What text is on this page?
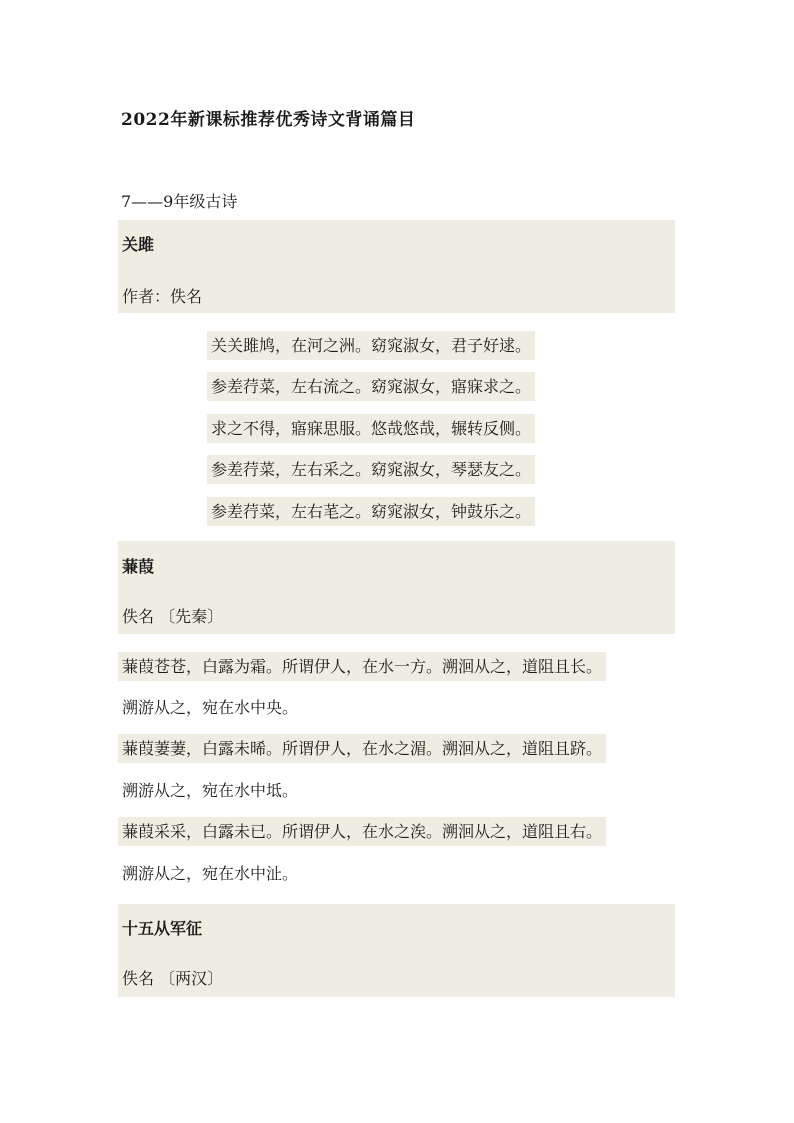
2022年新课标推荐优秀诗文背诵篇目
7——9年级古诗
关雎
作者：佚名
关关雎鸠，在河之洲。窈窕淑女，君子好逑。
参差荇菜，左右流之。窈窕淑女，寤寐求之。
求之不得，寤寐思服。悠哉悠哉，辗转反侧。
参差荇菜，左右采之。窈窕淑女，琴瑟友之。
参差荇菜，左右芼之。窈窕淑女，钟鼓乐之。
蒹葭
佚名 〔先秦〕
蒹葭苍苍，白露为霜。所谓伊人，在水一方。溯洄从之，道阻且长。
溯游从之，宛在水中央。
蒹葭萋萋，白露未晞。所谓伊人，在水之湄。溯洄从之，道阻且跻。
溯游从之，宛在水中坻。
蒹葭采采，白露未已。所谓伊人，在水之涘。溯洄从之，道阻且右。
溯游从之，宛在水中沚。
十五从军征
佚名 〔两汉〕
